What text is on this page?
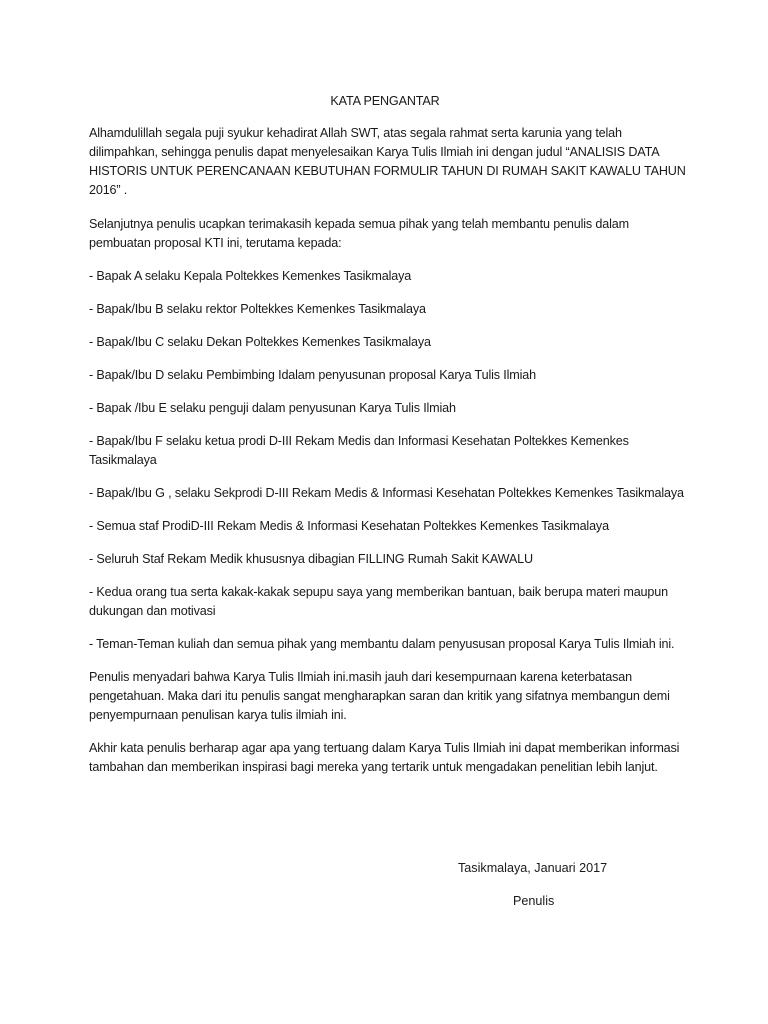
KATA PENGANTAR

Alhamdulillah segala puji syukur kehadirat Allah SWT, atas segala rahmat serta karunia yang telah dilimpahkan, sehingga penulis dapat menyelesaikan Karya Tulis Ilmiah ini dengan judul “ANALISIS DATA HISTORIS UNTUK PERENCANAAN KEBUTUHAN FORMULIR TAHUN DI RUMAH SAKIT KAWALU TAHUN 2016” .

Selanjutnya penulis ucapkan terimakasih kepada semua pihak yang telah membantu penulis dalam pembuatan proposal KTI ini, terutama kepada:

- Bapak A selaku Kepala Poltekkes Kemenkes Tasikmalaya
- Bapak/Ibu B selaku rektor Poltekkes Kemenkes Tasikmalaya
- Bapak/Ibu C selaku Dekan Poltekkes Kemenkes Tasikmalaya
- Bapak/Ibu D selaku Pembimbing Idalam penyusunan proposal Karya Tulis Ilmiah
- Bapak /Ibu E selaku penguji dalam penyusunan Karya Tulis Ilmiah
- Bapak/Ibu F selaku ketua prodi D-III Rekam Medis dan Informasi Kesehatan Poltekkes Kemenkes Tasikmalaya
- Bapak/Ibu G , selaku Sekprodi D-III Rekam Medis & Informasi Kesehatan Poltekkes Kemenkes Tasikmalaya
- Semua staf ProdiD-III Rekam Medis & Informasi Kesehatan Poltekkes Kemenkes Tasikmalaya
- Seluruh Staf Rekam Medik khususnya dibagian FILLING Rumah Sakit KAWALU
- Kedua orang tua serta kakak-kakak sepupu saya yang memberikan bantuan, baik berupa materi maupun dukungan dan motivasi
- Teman-Teman kuliah dan semua pihak yang membantu dalam penyususan proposal Karya Tulis Ilmiah ini.

Penulis menyadari bahwa Karya Tulis Ilmiah ini.masih jauh dari kesempurnaan karena keterbatasan pengetahuan. Maka dari itu penulis sangat mengharapkan saran dan kritik yang sifatnya membangun demi penyempurnaan penulisan karya tulis ilmiah ini.

Akhir kata penulis berharap agar apa yang tertuang dalam Karya Tulis Ilmiah ini dapat memberikan informasi tambahan dan memberikan inspirasi bagi mereka yang tertarik untuk mengadakan penelitian lebih lanjut.

Tasikmalaya, Januari 2017
Penulis
